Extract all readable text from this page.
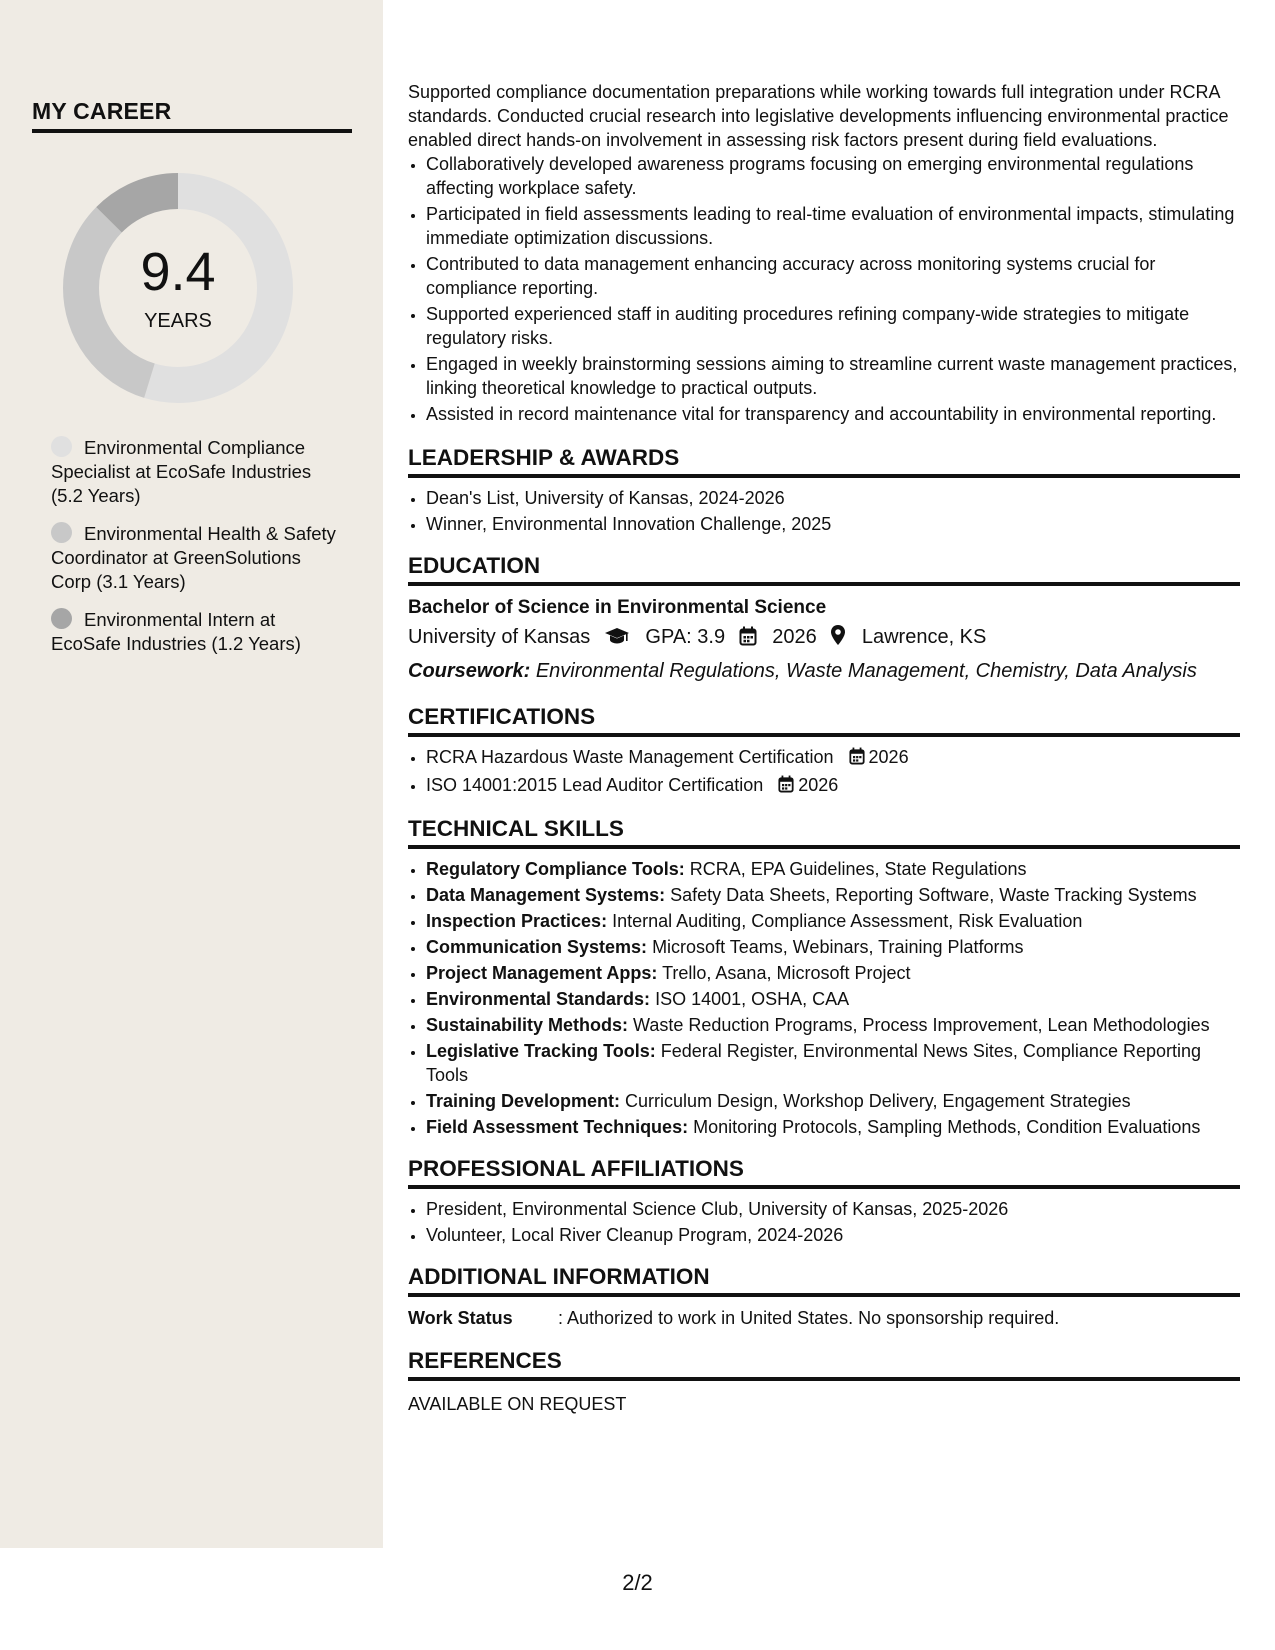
MY CAREER
9.4
YEARS
Environmental Compliance Specialist at EcoSafe Industries (5.2 Years)
Environmental Health & Safety Coordinator at GreenSolutions Corp (3.1 Years)
Environmental Intern at EcoSafe Industries (1.2 Years)
Supported compliance documentation preparations while working towards full integration under RCRA standards. Conducted crucial research into legislative developments influencing environmental practice enabled direct hands-on involvement in assessing risk factors present during field evaluations.
• Collaboratively developed awareness programs focusing on emerging environmental regulations affecting workplace safety.
• Participated in field assessments leading to real-time evaluation of environmental impacts, stimulating immediate optimization discussions.
• Contributed to data management enhancing accuracy across monitoring systems crucial for compliance reporting.
• Supported experienced staff in auditing procedures refining company-wide strategies to mitigate regulatory risks.
• Engaged in weekly brainstorming sessions aiming to streamline current waste management practices, linking theoretical knowledge to practical outputs.
• Assisted in record maintenance vital for transparency and accountability in environmental reporting.
LEADERSHIP & AWARDS
• Dean's List, University of Kansas, 2024-2026
• Winner, Environmental Innovation Challenge, 2025
EDUCATION
Bachelor of Science in Environmental Science
University of Kansas	GPA: 3.9 2026 Lawrence, KS
Coursework: Environmental Regulations, Waste Management, Chemistry, Data Analysis
CERTIFICATIONS
• RCRA Hazardous Waste Management Certification 2026
• ISO 14001:2015 Lead Auditor Certification 2026
TECHNICAL SKILLS
• Regulatory Compliance Tools: RCRA, EPA Guidelines, State Regulations
• Data Management Systems: Safety Data Sheets, Reporting Software, Waste Tracking Systems
• Inspection Practices: Internal Auditing, Compliance Assessment, Risk Evaluation
• Communication Systems: Microsoft Teams, Webinars, Training Platforms
• Project Management Apps: Trello, Asana, Microsoft Project
• Environmental Standards: ISO 14001, OSHA, CAA
• Sustainability Methods: Waste Reduction Programs, Process Improvement, Lean Methodologies
• Legislative Tracking Tools: Federal Register, Environmental News Sites, Compliance Reporting Tools
• Training Development: Curriculum Design, Workshop Delivery, Engagement Strategies
• Field Assessment Techniques: Monitoring Protocols, Sampling Methods, Condition Evaluations
PROFESSIONAL AFFILIATIONS
• President, Environmental Science Club, University of Kansas, 2025-2026
• Volunteer, Local River Cleanup Program, 2024-2026
ADDITIONAL INFORMATION
Work Status	: Authorized to work in United States. No sponsorship required.
REFERENCES
AVAILABLE ON REQUEST
2/2
